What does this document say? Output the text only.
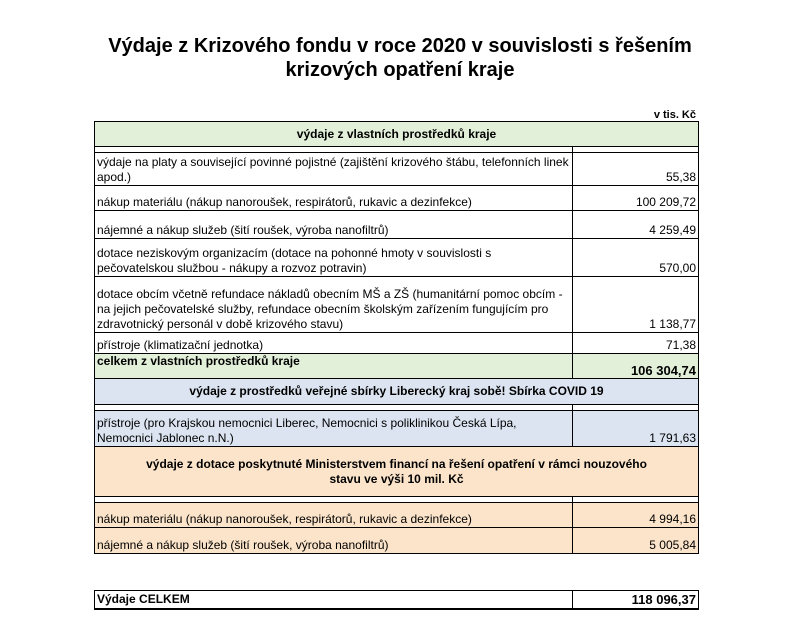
Výdaje z Krizového fondu v roce 2020 v souvislosti s řešením
krizových opatření kraje
v tis. Kč
výdaje z vlastních prostředků kraje	

výdaje na platy a související povinné pojistné (zajištění krizového štábu, telefonních linek apod.)	55,38
nákup materiálu (nákup nanoroušek, respirátorů, rukavic a dezinfekce)	100 209,72
nájemné a nákup služeb (šití roušek, výroba nanofiltrů)	4 259,49
dotace neziskovým organizacím (dotace na pohonné hmoty v souvislosti s pečovatelskou službou - nákupy a rozvoz potravin)	570,00
dotace obcím včetně refundace nákladů obecním MŠ a ZŠ (humanitární pomoc obcím - na jejich pečovatelské služby, refundace obecním školským zařízením fungujícím pro zdravotnický personál v době krizového stavu)	1 138,77
přístroje (klimatizační jednotka)	71,38
celkem z vlastních prostředků kraje	106 304,74
výdaje z prostředků veřejné sbírky Liberecký kraj sobě! Sbírka COVID 19	

přístroje (pro Krajskou nemocnici Liberec, Nemocnici s poliklinikou Česká Lípa, Nemocnici Jablonec n.N.)	1 791,63
výdaje z dotace poskytnuté Ministerstvem financí na řešení opatření v rámci nouzového stavu ve výši 10 mil. Kč	

nákup materiálu (nákup nanoroušek, respirátorů, rukavic a dezinfekce)	4 994,16
nájemné a nákup služeb (šití roušek, výroba nanofiltrů)	5 005,84
Výdaje CELKEM	118 096,37
